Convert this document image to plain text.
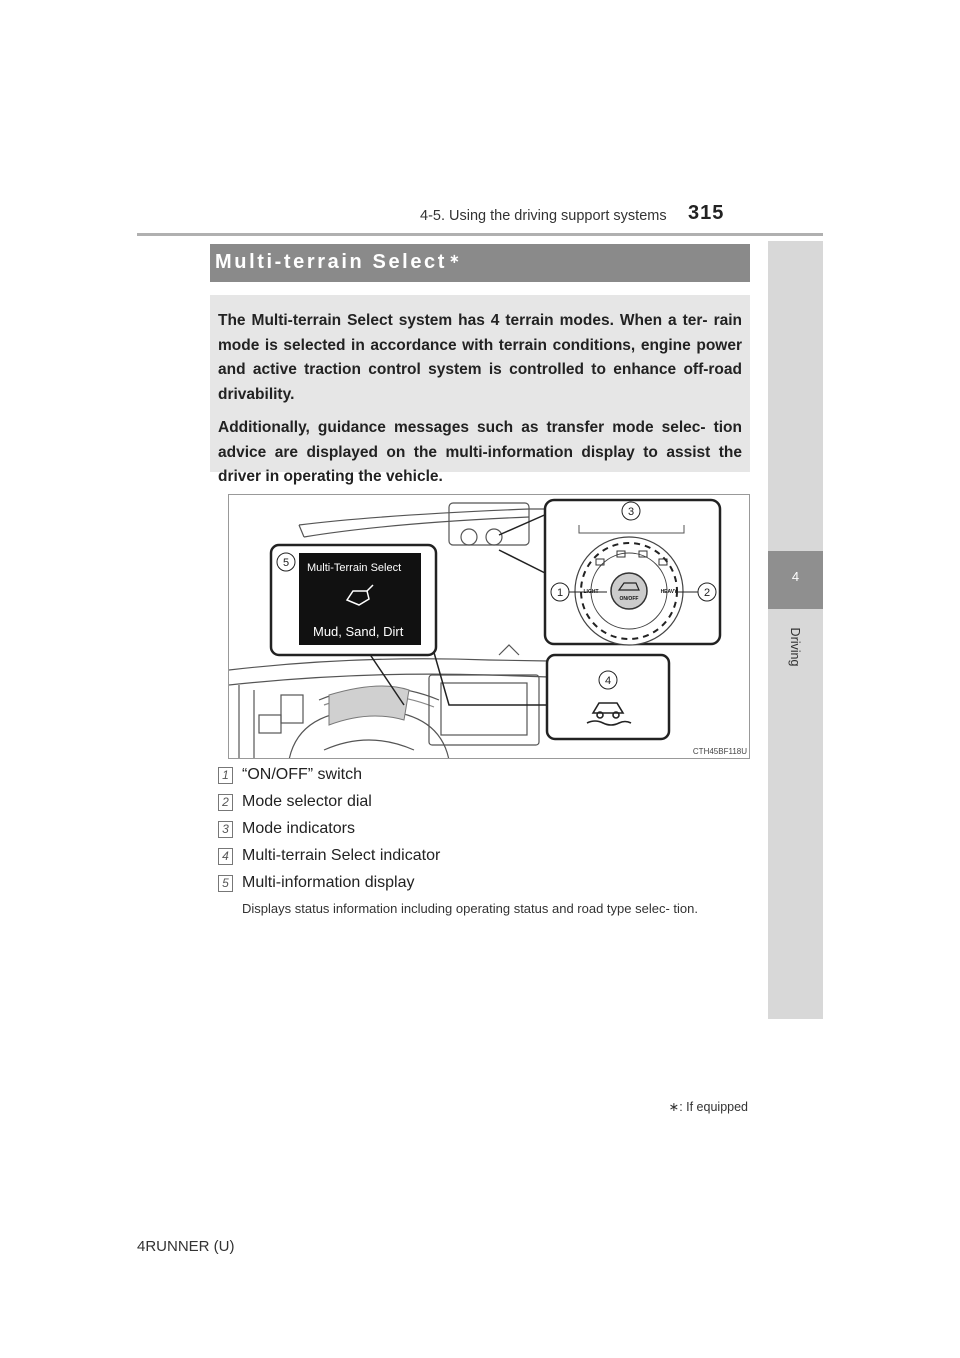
4-5. Using the driving support systems 315
4
Driving
Multi-terrain Select ∗

The Multi-terrain Select system has 4 terrain modes. When a ter- rain mode is selected in accordance with terrain conditions, engine power and active traction control system is controlled to enhance off-road drivability.

Additionally, guidance messages such as transfer mode selec- tion advice are displayed on the multi-information display to assist the driver in operating the vehicle.

Multi-Terrain Select
Mud, Sand, Dirt
5
3
ON/OFF
LIGHT	HEAVY
1	2
4
CTH45BF118U
1 “ON/OFF” switch
2 Mode selector dial
3 Mode indicators
4 Multi-terrain Select indicator
5 Multi-information display
Displays status information including operating status and road type selec- tion.
∗: If equipped
4RUNNER (U)
